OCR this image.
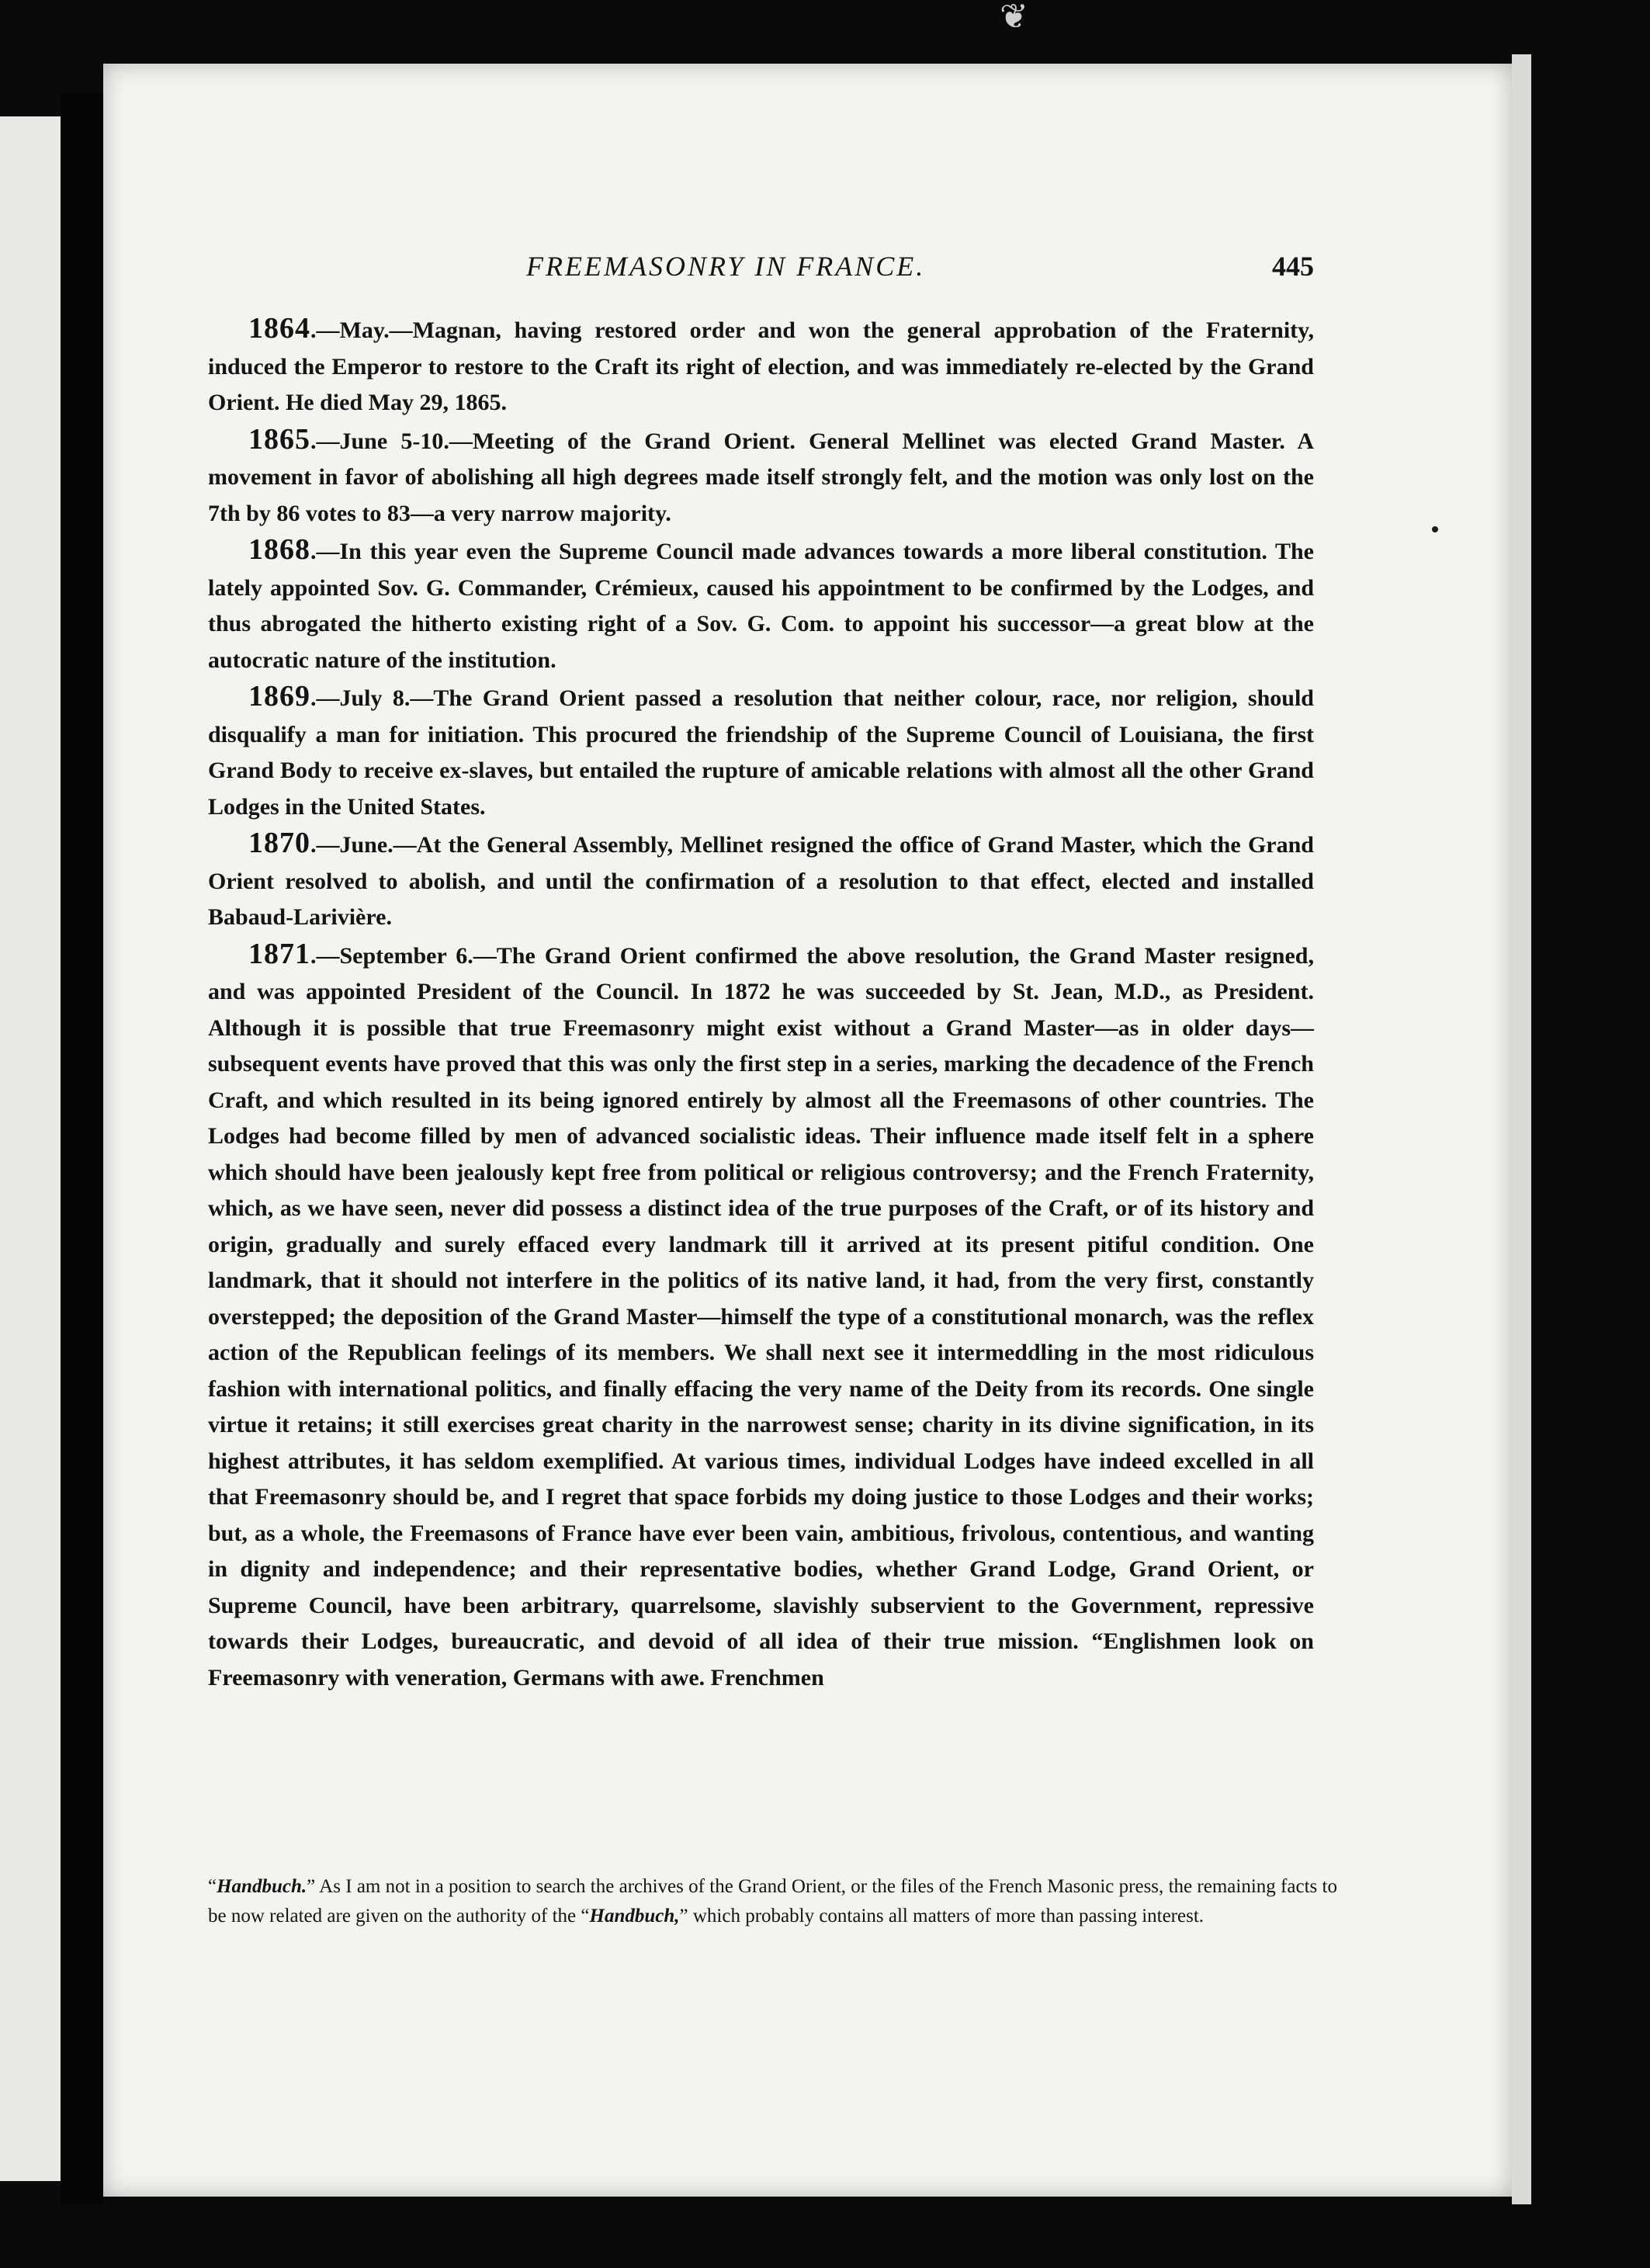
❦
FREEMASONRY IN FRANCE.	445

1864.—May.—Magnan, having restored order and won the general approbation of the Fraternity, induced the Emperor to restore to the Craft its right of election, and was immediately re-elected by the Grand Orient. He died May 29, 1865.

1865.—June 5-10.—Meeting of the Grand Orient. General Mellinet was elected Grand Master. A movement in favor of abolishing all high degrees made itself strongly felt, and the motion was only lost on the 7th by 86 votes to 83—a very narrow majority.

1868.—In this year even the Supreme Council made advances towards a more liberal constitution. The lately appointed Sov. G. Commander, Crémieux, caused his appointment to be confirmed by the Lodges, and thus abrogated the hitherto existing right of a Sov. G. Com. to appoint his successor—a great blow at the autocratic nature of the institution.

1869.—July 8.—The Grand Orient passed a resolution that neither colour, race, nor religion, should disqualify a man for initiation. This procured the friendship of the Supreme Council of Louisiana, the first Grand Body to receive ex-slaves, but entailed the rupture of amicable relations with almost all the other Grand Lodges in the United States.

1870.—June.—At the General Assembly, Mellinet resigned the office of Grand Master, which the Grand Orient resolved to abolish, and until the confirmation of a resolution to that effect, elected and installed Babaud-Larivière.

1871.—September 6.—The Grand Orient confirmed the above resolution, the Grand Master resigned, and was appointed President of the Council. In 1872 he was succeeded by St. Jean, M.D., as President. Although it is possible that true Freemasonry might exist without a Grand Master—as in older days—subsequent events have proved that this was only the first step in a series, marking the decadence of the French Craft, and which resulted in its being ignored entirely by almost all the Freemasons of other countries. The Lodges had become filled by men of advanced socialistic ideas. Their influence made itself felt in a sphere which should have been jealously kept free from political or religious controversy; and the French Fraternity, which, as we have seen, never did possess a distinct idea of the true purposes of the Craft, or of its history and origin, gradually and surely effaced every landmark till it arrived at its present pitiful condition. One landmark, that it should not interfere in the politics of its native land, it had, from the very first, constantly overstepped; the deposition of the Grand Master—himself the type of a constitutional monarch, was the reflex action of the Republican feelings of its members. We shall next see it intermeddling in the most ridiculous fashion with international politics, and finally effacing the very name of the Deity from its records. One single virtue it retains; it still exercises great charity in the narrowest sense; charity in its divine signification, in its highest attributes, it has seldom exemplified. At various times, individual Lodges have indeed excelled in all that Freemasonry should be, and I regret that space forbids my doing justice to those Lodges and their works; but, as a whole, the Freemasons of France have ever been vain, ambitious, frivolous, contentious, and wanting in dignity and independence; and their representative bodies, whether Grand Lodge, Grand Orient, or Supreme Council, have been arbitrary, quarrelsome, slavishly subservient to the Government, repressive towards their Lodges, bureaucratic, and devoid of all idea of their true mission. “Englishmen look on Freemasonry with veneration, Germans with awe. Frenchmen

“Handbuch.” As I am not in a position to search the archives of the Grand Orient, or the files of the French Masonic press, the remaining facts to be now related are given on the authority of the “Handbuch,” which probably contains all matters of more than passing interest.
